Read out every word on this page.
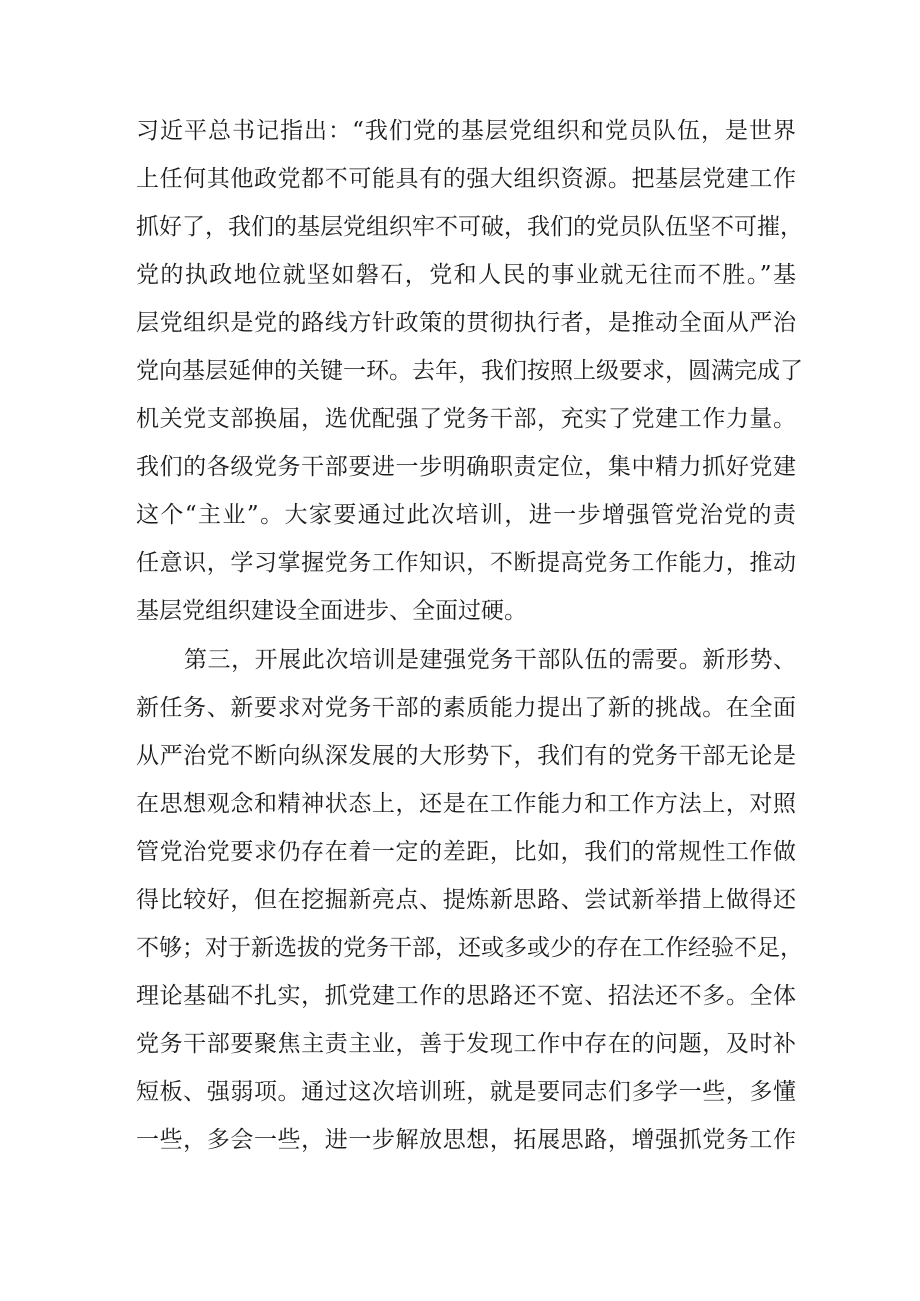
习近平总书记指出：“我们党的基层党组织和党员队伍，是世界
上任何其他政党都不可能具有的强大组织资源。把基层党建工作
抓好了，我们的基层党组织牢不可破，我们的党员队伍坚不可摧，
党的执政地位就坚如磐石，党和人民的事业就无往而不胜。”基
层党组织是党的路线方针政策的贯彻执行者，是推动全面从严治
党向基层延伸的关键一环。去年，我们按照上级要求，圆满完成了
机关党支部换届，选优配强了党务干部，充实了党建工作力量。
我们的各级党务干部要进一步明确职责定位，集中精力抓好党建
这个“主业”。大家要通过此次培训，进一步增强管党治党的责
任意识，学习掌握党务工作知识，不断提高党务工作能力，推动
基层党组织建设全面进步、全面过硬。
第三，开展此次培训是建强党务干部队伍的需要。新形势、
新任务、新要求对党务干部的素质能力提出了新的挑战。在全面
从严治党不断向纵深发展的大形势下，我们有的党务干部无论是
在思想观念和精神状态上，还是在工作能力和工作方法上，对照
管党治党要求仍存在着一定的差距，比如，我们的常规性工作做
得比较好，但在挖掘新亮点、提炼新思路、尝试新举措上做得还
不够；对于新选拔的党务干部，还或多或少的存在工作经验不足，
理论基础不扎实，抓党建工作的思路还不宽、招法还不多。全体
党务干部要聚焦主责主业，善于发现工作中存在的问题，及时补
短板、强弱项。通过这次培训班，就是要同志们多学一些，多懂
一些，多会一些，进一步解放思想，拓展思路，增强抓党务工作
